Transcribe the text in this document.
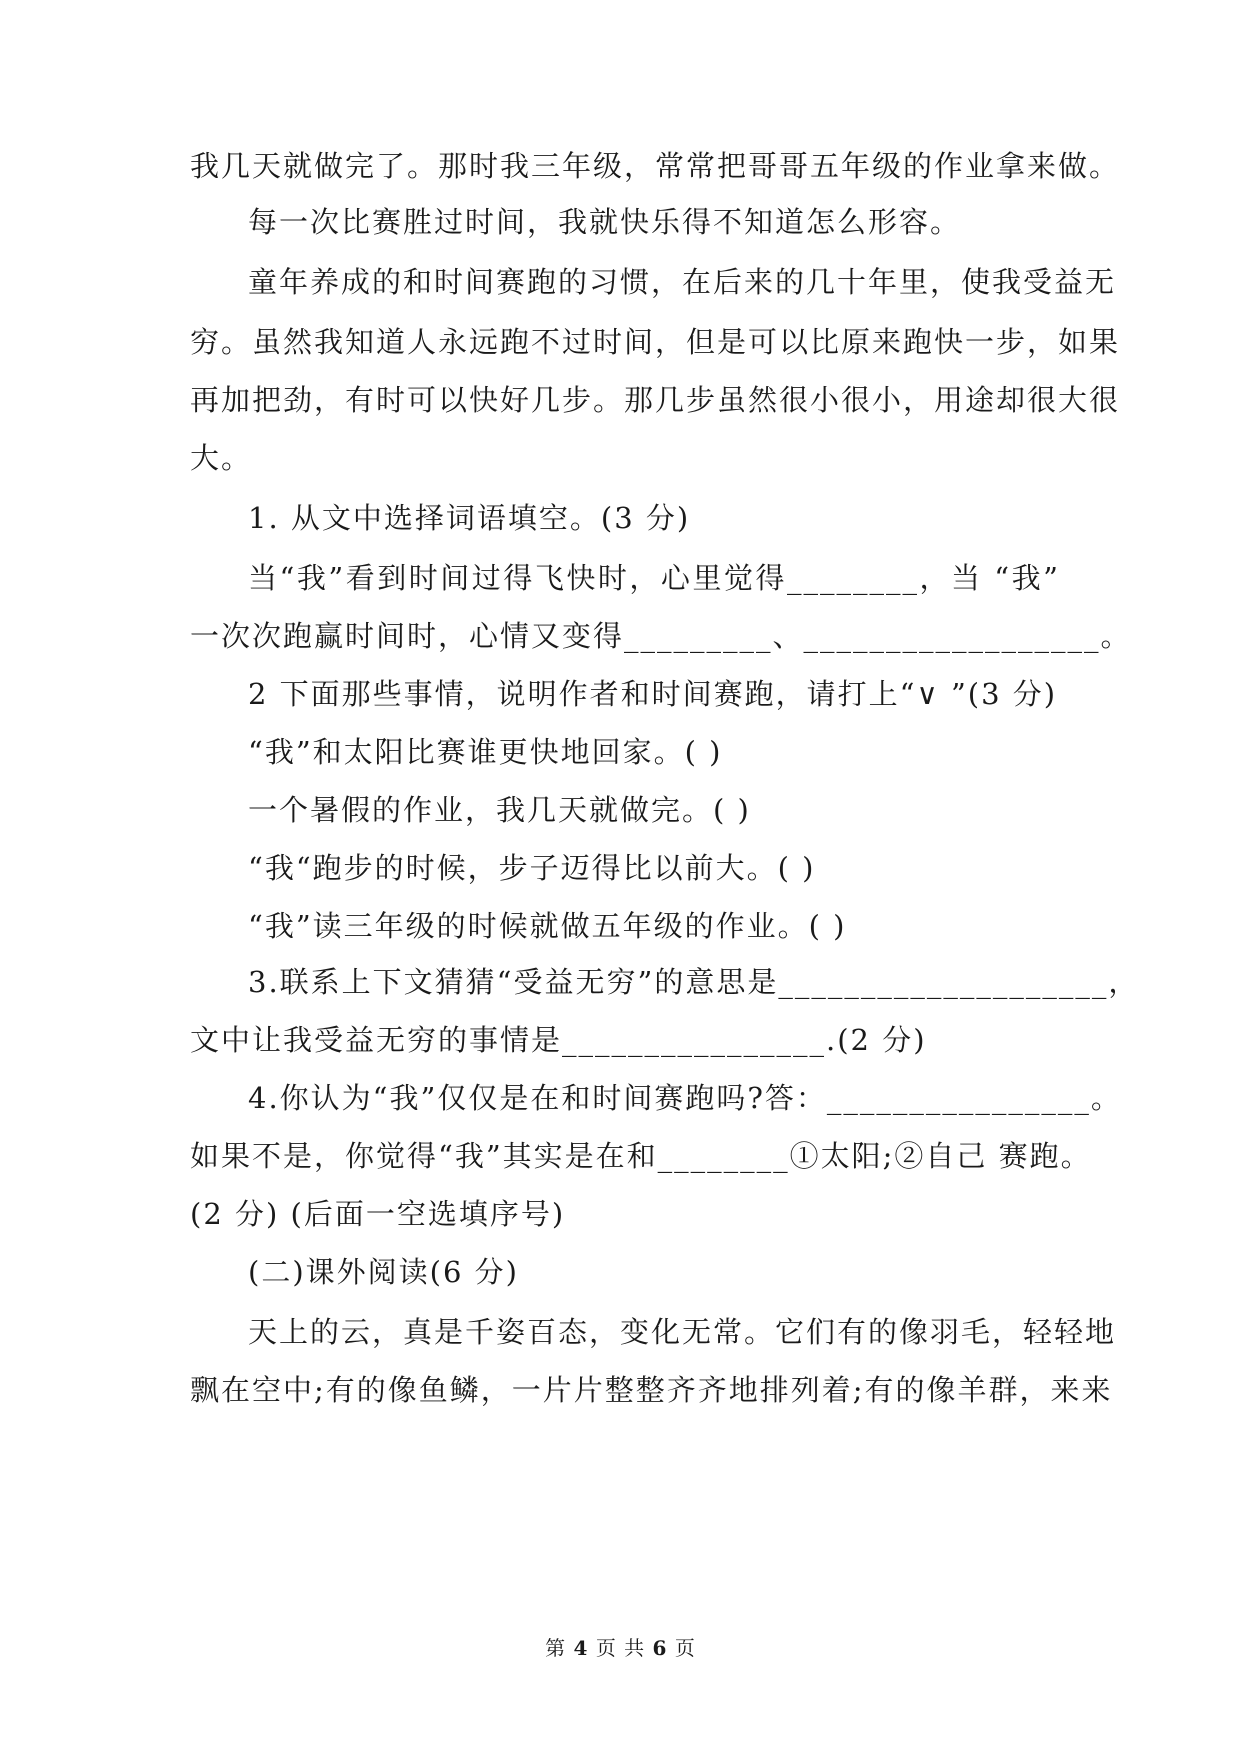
我几天就做完了。那时我三年级，常常把哥哥五年级的作业拿来做。
每一次比赛胜过时间，我就快乐得不知道怎么形容。
童年养成的和时间赛跑的习惯，在后来的几十年里，使我受益无
穷。虽然我知道人永远跑不过时间，但是可以比原来跑快一步，如果
再加把劲，有时可以快好几步。那几步虽然很小很小，用途却很大很
大。
1. 从文中选择词语填空。(3 分)
当“我”看到时间过得飞快时，心里觉得________，当 “我”
一次次跑赢时间时，心情又变得_________、__________________。
2 下面那些事情，说明作者和时间赛跑，请打上“∨ ”(3 分)
“我”和太阳比赛谁更快地回家。( )
一个暑假的作业，我几天就做完。( )
“我“跑步的时候，步子迈得比以前大。( )
“我”读三年级的时候就做五年级的作业。( )
3.联系上下文猜猜“受益无穷”的意思是____________________，
文中让我受益无穷的事情是________________.(2 分)
4.你认为“我”仅仅是在和时间赛跑吗?答：________________。
如果不是，你觉得“我”其实是在和________①太阳;②自己 赛跑。
(2 分) (后面一空选填序号)
(二)课外阅读(6 分)
天上的云，真是千姿百态，变化无常。它们有的像羽毛，轻轻地
飘在空中;有的像鱼鳞，一片片整整齐齐地排列着;有的像羊群，来来
第 4 页 共 6 页
